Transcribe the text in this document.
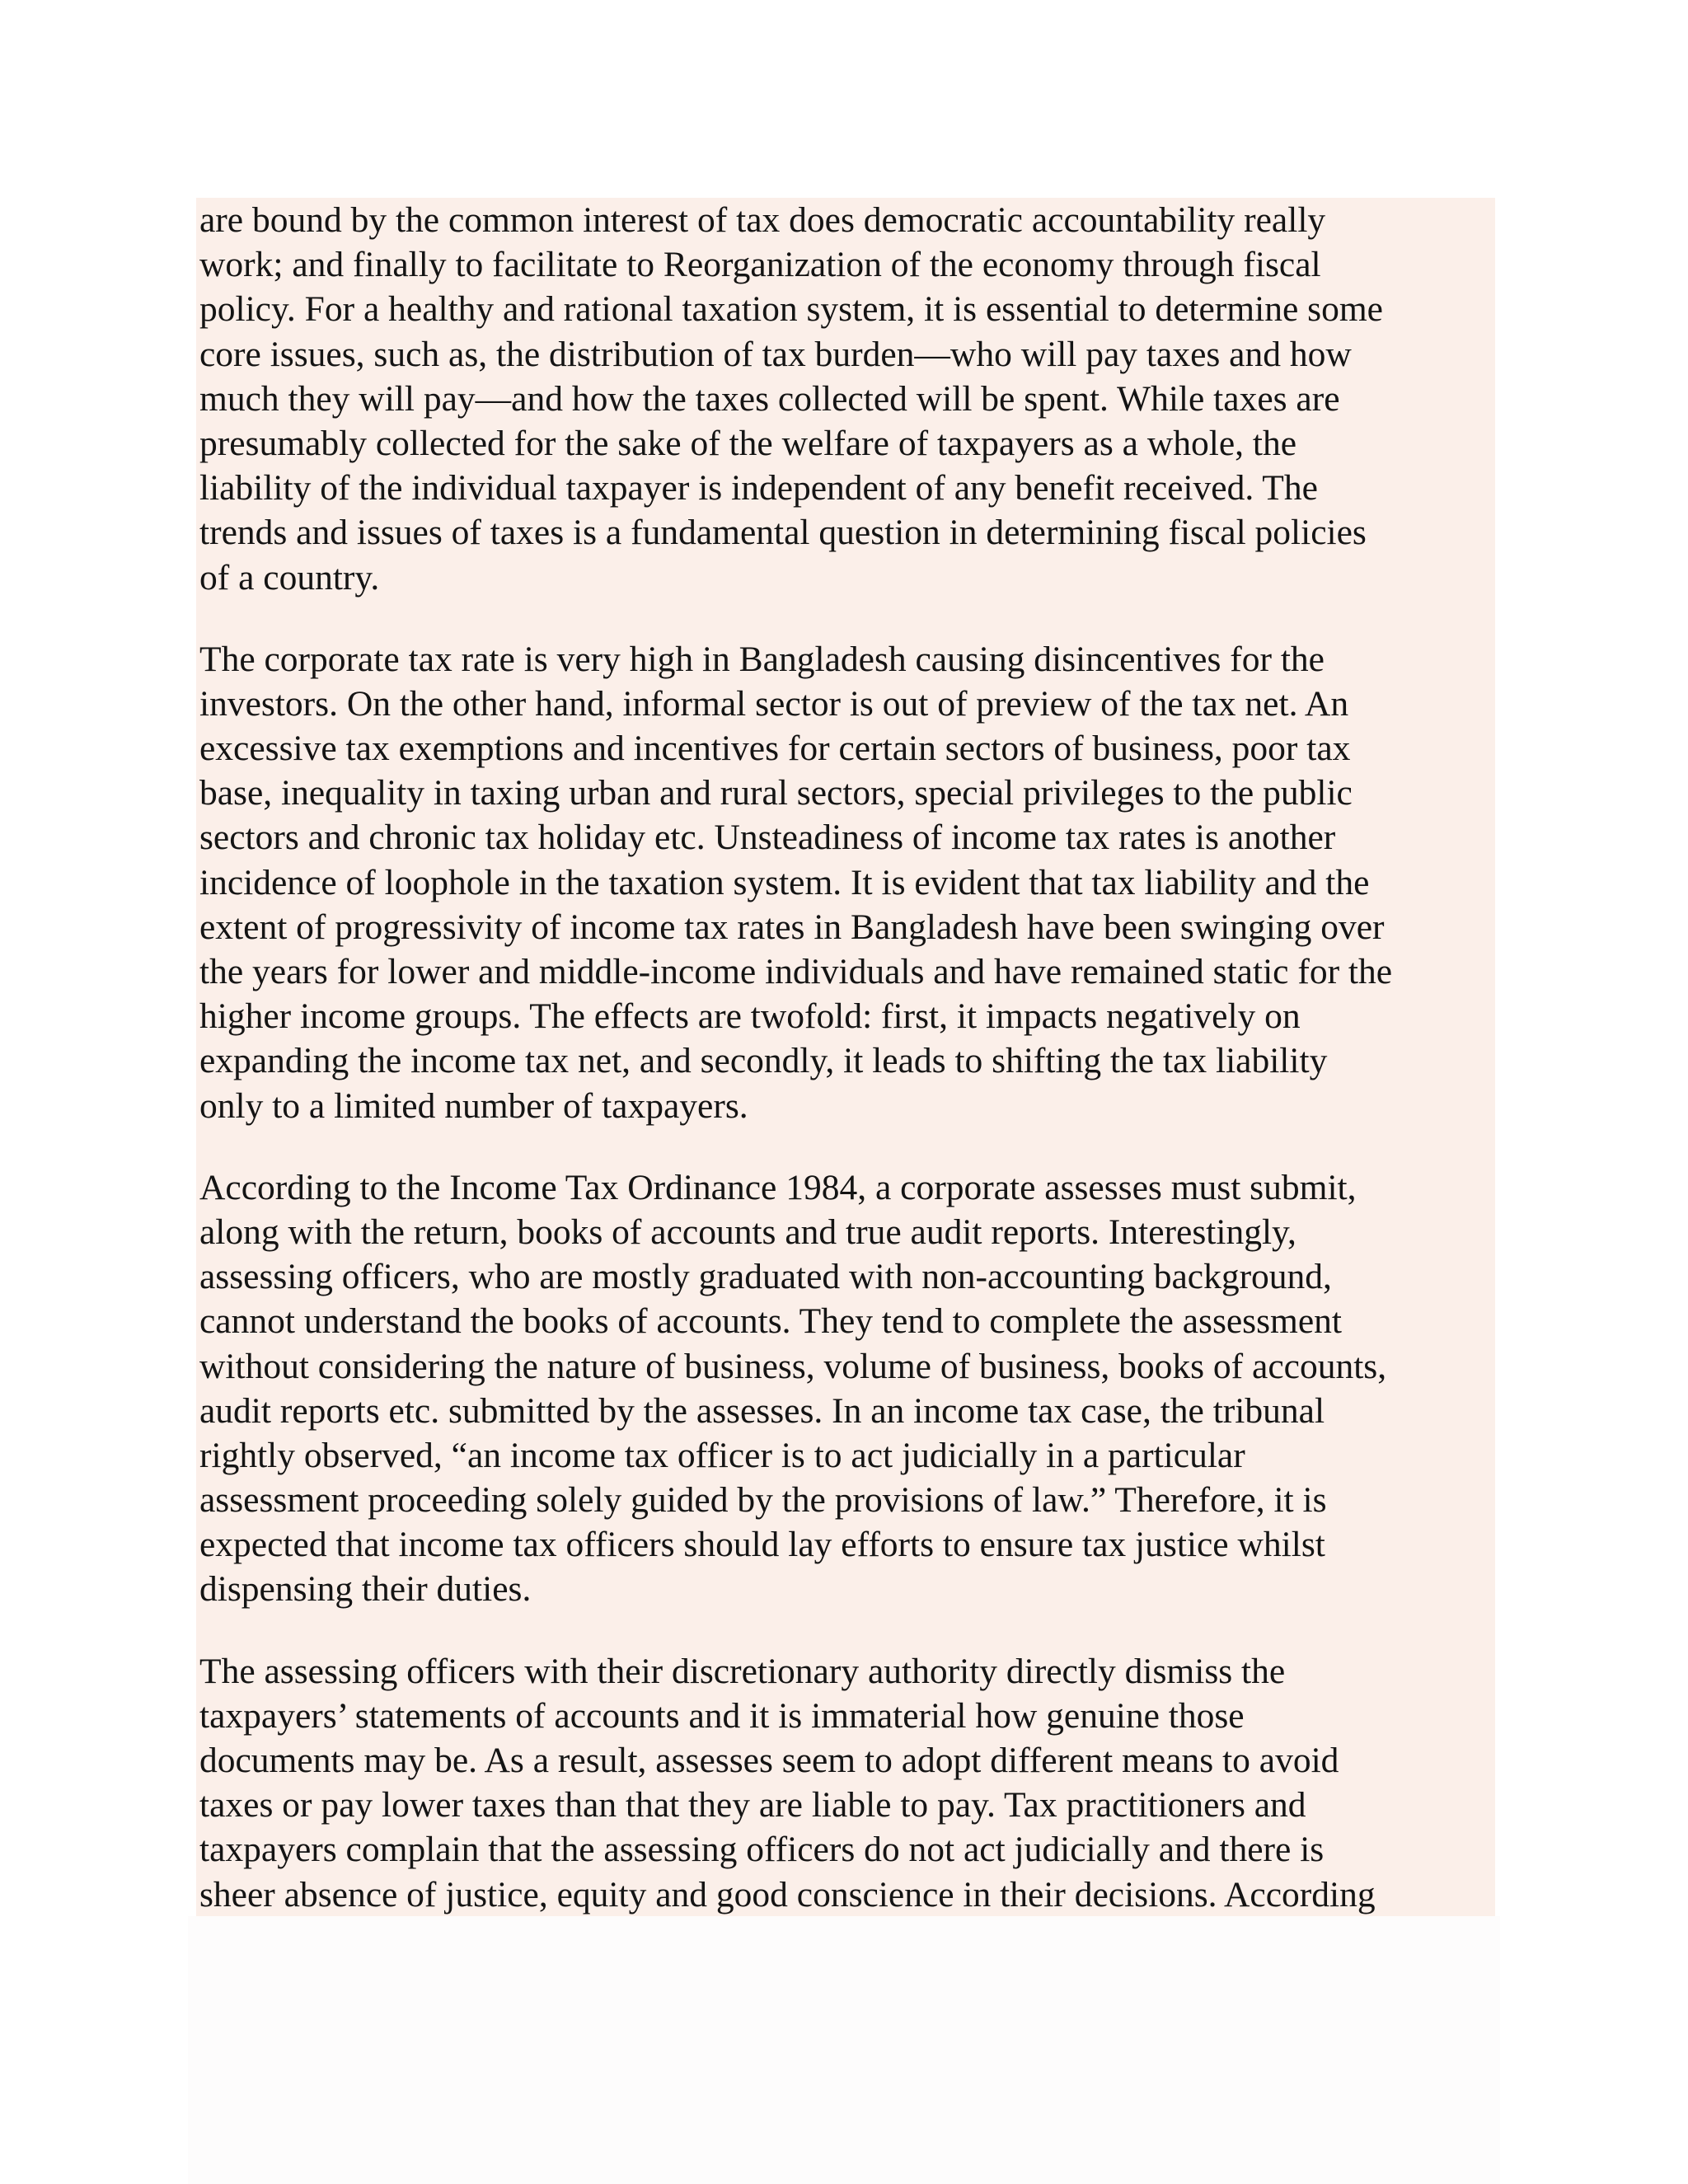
are bound by the common interest of tax does democratic accountability really
work; and finally to facilitate to Reorganization of the economy through fiscal
policy. For a healthy and rational taxation system, it is essential to determine some
core issues, such as, the distribution of tax burden—who will pay taxes and how
much they will pay—and how the taxes collected will be spent. While taxes are
presumably collected for the sake of the welfare of taxpayers as a whole, the
liability of the individual taxpayer is independent of any benefit received. The
trends and issues of taxes is a fundamental question in determining fiscal policies
of a country.

The corporate tax rate is very high in Bangladesh causing disincentives for the
investors. On the other hand, informal sector is out of preview of the tax net. An
excessive tax exemptions and incentives for certain sectors of business, poor tax
base, inequality in taxing urban and rural sectors, special privileges to the public
sectors and chronic tax holiday etc. Unsteadiness of income tax rates is another
incidence of loophole in the taxation system. It is evident that tax liability and the
extent of progressivity of income tax rates in Bangladesh have been swinging over
the years for lower and middle-income individuals and have remained static for the
higher income groups. The effects are twofold: first, it impacts negatively on
expanding the income tax net, and secondly, it leads to shifting the tax liability
only to a limited number of taxpayers.

According to the Income Tax Ordinance 1984, a corporate assesses must submit,
along with the return, books of accounts and true audit reports. Interestingly,
assessing officers, who are mostly graduated with non-accounting background,
cannot understand the books of accounts. They tend to complete the assessment
without considering the nature of business, volume of business, books of accounts,
audit reports etc. submitted by the assesses. In an income tax case, the tribunal
rightly observed, “an income tax officer is to act judicially in a particular
assessment proceeding solely guided by the provisions of law.” Therefore, it is
expected that income tax officers should lay efforts to ensure tax justice whilst
dispensing their duties.

The assessing officers with their discretionary authority directly dismiss the
taxpayers’ statements of accounts and it is immaterial how genuine those
documents may be. As a result, assesses seem to adopt different means to avoid
taxes or pay lower taxes than that they are liable to pay. Tax practitioners and
taxpayers complain that the assessing officers do not act judicially and there is
sheer absence of justice, equity and good conscience in their decisions. According
